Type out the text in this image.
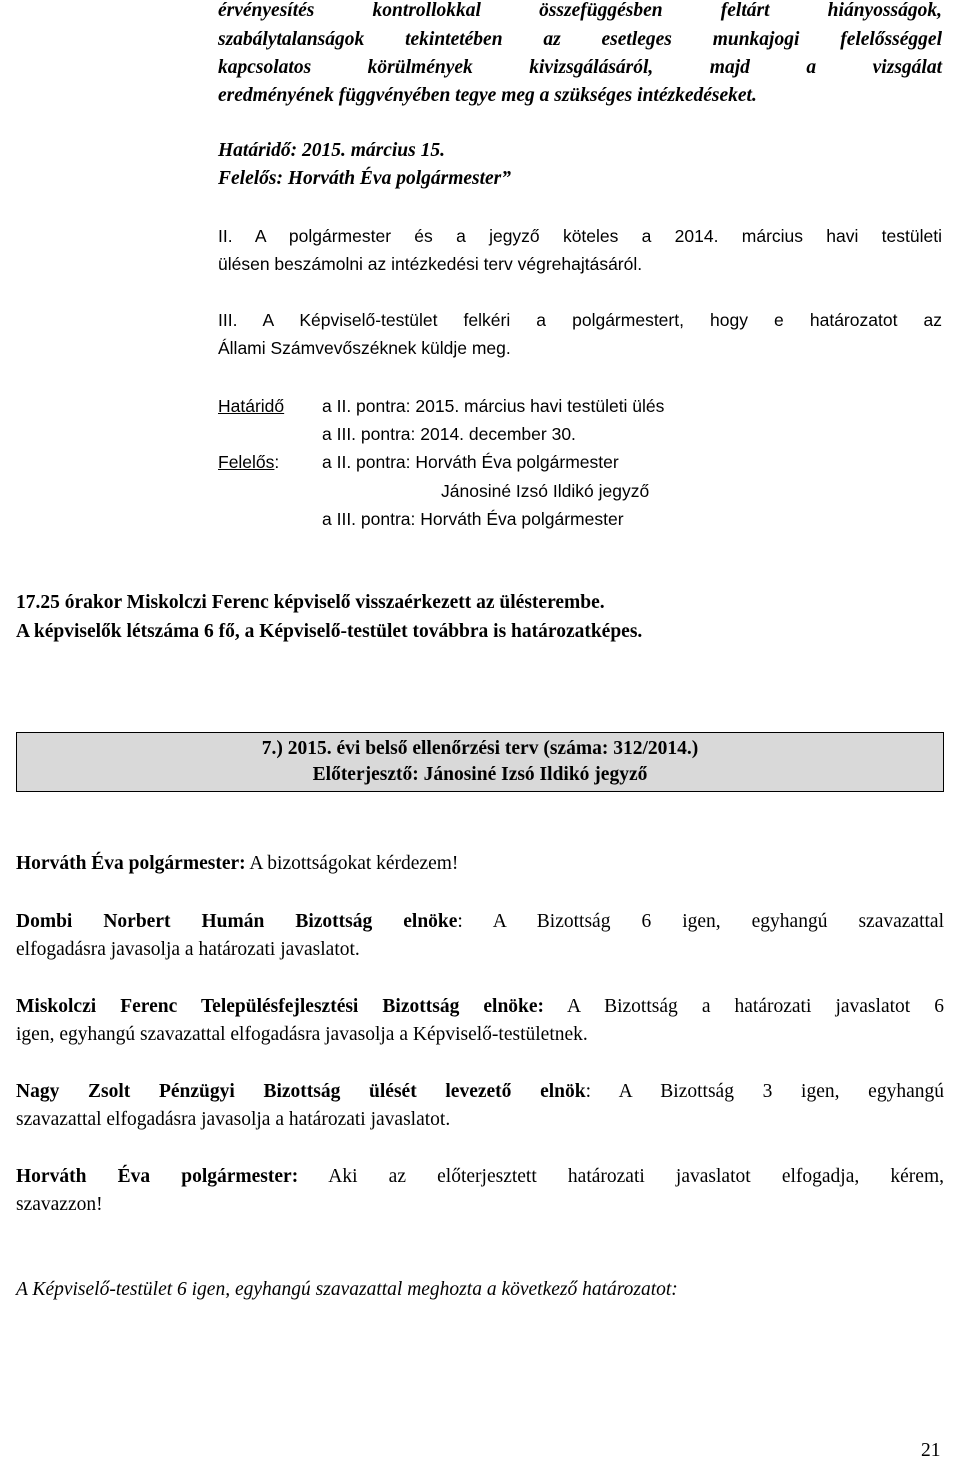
érvényesítés kontrollokkal összefüggésben feltárt hiányosságok,
szabálytalanságok tekintetében az esetleges munkajogi felelősséggel
kapcsolatos körülmények kivizsgálásáról, majd a vizsgálat
eredményének függvényében tegye meg a szükséges intézkedéseket.
Határidő: 2015. március 15.
Felelős: Horváth Éva polgármester”
II. A polgármester és a jegyző köteles a 2014. március havi testületi
ülésen beszámolni az intézkedési terv végrehajtásáról.
III. A Képviselő-testület felkéri a polgármestert, hogy e határozatot az
Állami Számvevőszéknek küldje meg.
Határidő a II. pontra: 2015. március havi testületi ülés
a III. pontra: 2014. december 30.
Felelős: a II. pontra: Horváth Éva polgármester
Jánosiné Izsó Ildikó jegyző
a III. pontra: Horváth Éva polgármester
17.25 órakor Miskolczi Ferenc képviselő visszaérkezett az ülésterembe.
A képviselők létszáma 6 fő, a Képviselő-testület továbbra is határozatképes.
7.) 2015. évi belső ellenőrzési terv (száma: 312/2014.)
Előterjesztő: Jánosiné Izsó Ildikó jegyző
Horváth Éva polgármester: A bizottságokat kérdezem!
Dombi Norbert Humán Bizottság elnöke: A Bizottság 6 igen, egyhangú szavazattal
elfogadásra javasolja a határozati javaslatot.
Miskolczi Ferenc Településfejlesztési Bizottság elnöke: A Bizottság a határozati javaslatot 6
igen, egyhangú szavazattal elfogadásra javasolja a Képviselő-testületnek.
Nagy Zsolt Pénzügyi Bizottság ülését levezető elnök: A Bizottság 3 igen, egyhangú
szavazattal elfogadásra javasolja a határozati javaslatot.
Horváth Éva polgármester: Aki az előterjesztett határozati javaslatot elfogadja, kérem,
szavazzon!
A Képviselő-testület 6 igen, egyhangú szavazattal meghozta a következő határozatot:
21
